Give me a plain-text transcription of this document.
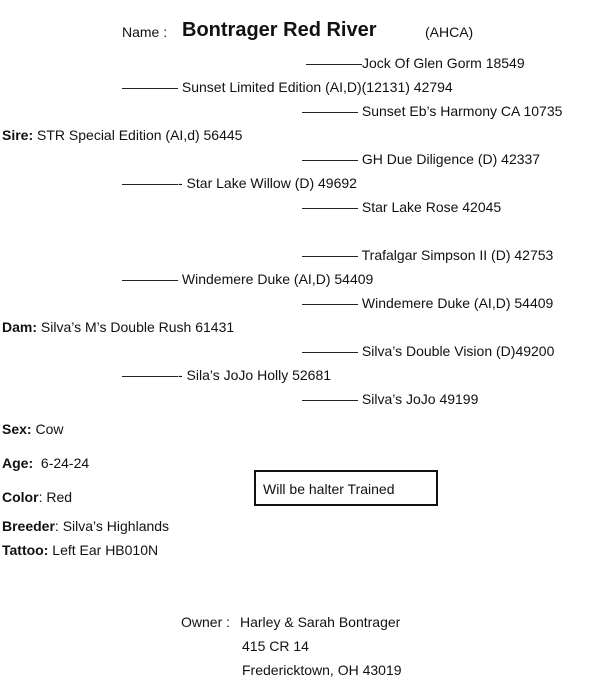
Name : Bontrager Red River	(AHCA)
————Jock Of Glen Gorm 18549
———— Sunset Limited Edition (AI,D)(12131) 42794
———— Sunset Eb’s Harmony CA 10735
Sire: STR Special Edition (AI,d) 56445
———— GH Due Diligence (D) 42337
————- Star Lake Willow (D) 49692
———— Star Lake Rose 42045
———— Trafalgar Simpson II (D) 42753
———— Windemere Duke (AI,D) 54409
———— Windemere Duke (AI,D) 54409
Dam: Silva’s M’s Double Rush 61431
———— Silva’s Double Vision (D)49200
————- Sila’s JoJo Holly 52681
———— Silva’s JoJo 49199
Sex: Cow
Age: 6-24-24
Color: Red
Breeder: Silva’s Highlands
Tattoo: Left Ear HB010N
Will be halter Trained
Owner : Harley & Sarah Bontrager
415 CR 14
Fredericktown, OH 43019
